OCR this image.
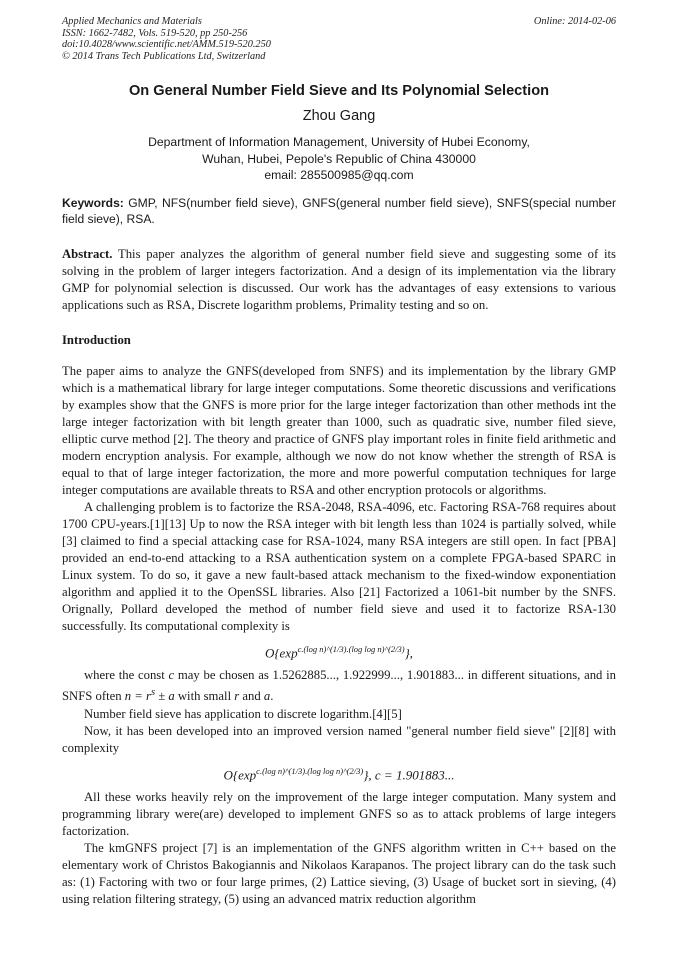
Applied Mechanics and Materials
ISSN: 1662-7482, Vols. 519-520, pp 250-256
doi:10.4028/www.scientific.net/AMM.519-520.250
© 2014 Trans Tech Publications Ltd, Switzerland
Online: 2014-02-06
On General Number Field Sieve and Its Polynomial Selection
Zhou Gang
Department of Information Management, University of Hubei Economy,
Wuhan, Hubei, Pepole's Republic of China 430000
email: 285500985@qq.com
Keywords: GMP, NFS(number field sieve), GNFS(general number field sieve), SNFS(special number field sieve), RSA.
Abstract. This paper analyzes the algorithm of general number field sieve and suggesting some of its solving in the problem of larger integers factorization. And a design of its implementation via the library GMP for polynomial selection is discussed. Our work has the advantages of easy extensions to various applications such as RSA, Discrete logarithm problems, Primality testing and so on.
Introduction

The paper aims to analyze the GNFS(developed from SNFS) and its implementation by the library GMP which is a mathematical library for large integer computations. Some theoretic discussions and verifications by examples show that the GNFS is more prior for the large integer factorization than other methods int the large integer factorization with bit length greater than 1000, such as quadratic sive, number filed sieve, elliptic curve method [2]. The theory and practice of GNFS play important roles in finite field arithmetic and modern encryption analysis. For example, although we now do not know whether the strength of RSA is equal to that of large integer factorization, the more and more powerful computation techniques for large integer computations are available threats to RSA and other encryption protocols or algorithms.

A challenging problem is to factorize the RSA-2048, RSA-4096, etc. Factoring RSA-768 requires about 1700 CPU-years.[1][13] Up to now the RSA integer with bit length less than 1024 is partially solved, while [3] claimed to find a special attacking case for RSA-1024, many RSA integers are still open. In fact [PBA] provided an end-to-end attacking to a RSA authentication system on a complete FPGA-based SPARC in Linux system. To do so, it gave a new fault-based attack mechanism to the fixed-window exponentiation algorithm and applied it to the OpenSSL libraries. Also [21] Factorized a 1061-bit number by the SNFS. Orignally, Pollard developed the method of number field sieve and used it to factorize RSA-130 successfully. Its computational complexity is

$O\{\exp^{c.(log n)\^{}(1/3).(log log n)\^{}(2/3)}\}$,

where the const c may be chosen as 1.5262885..., 1.922999..., 1.901883... in different situations, and in SNFS often $n = r^s \pm a$ with small r and a.

Number field sieve has application to discrete logarithm.[4][5]

Now, it has been developed into an improved version named "general number field sieve" [2][8] with complexity

$O\{\exp^{c.(log n)\^{}(1/3).(log log n)\^{}(2/3)}\}$, c = 1.901883...

All these works heavily rely on the improvement of the large integer computation. Many system and programming library were(are) developed to implement GNFS so as to attack problems of large integers factorization.

The kmGNFS project [7] is an implementation of the GNFS algorithm written in C++ based on the elementary work of Christos Bakogiannis and Nikolaos Karapanos. The project library can do the task such as: (1) Factoring with two or four large primes, (2) Lattice sieving, (3) Usage of bucket sort in sieving, (4) using relation filtering strategy, (5) using an advanced matrix reduction algorithm
